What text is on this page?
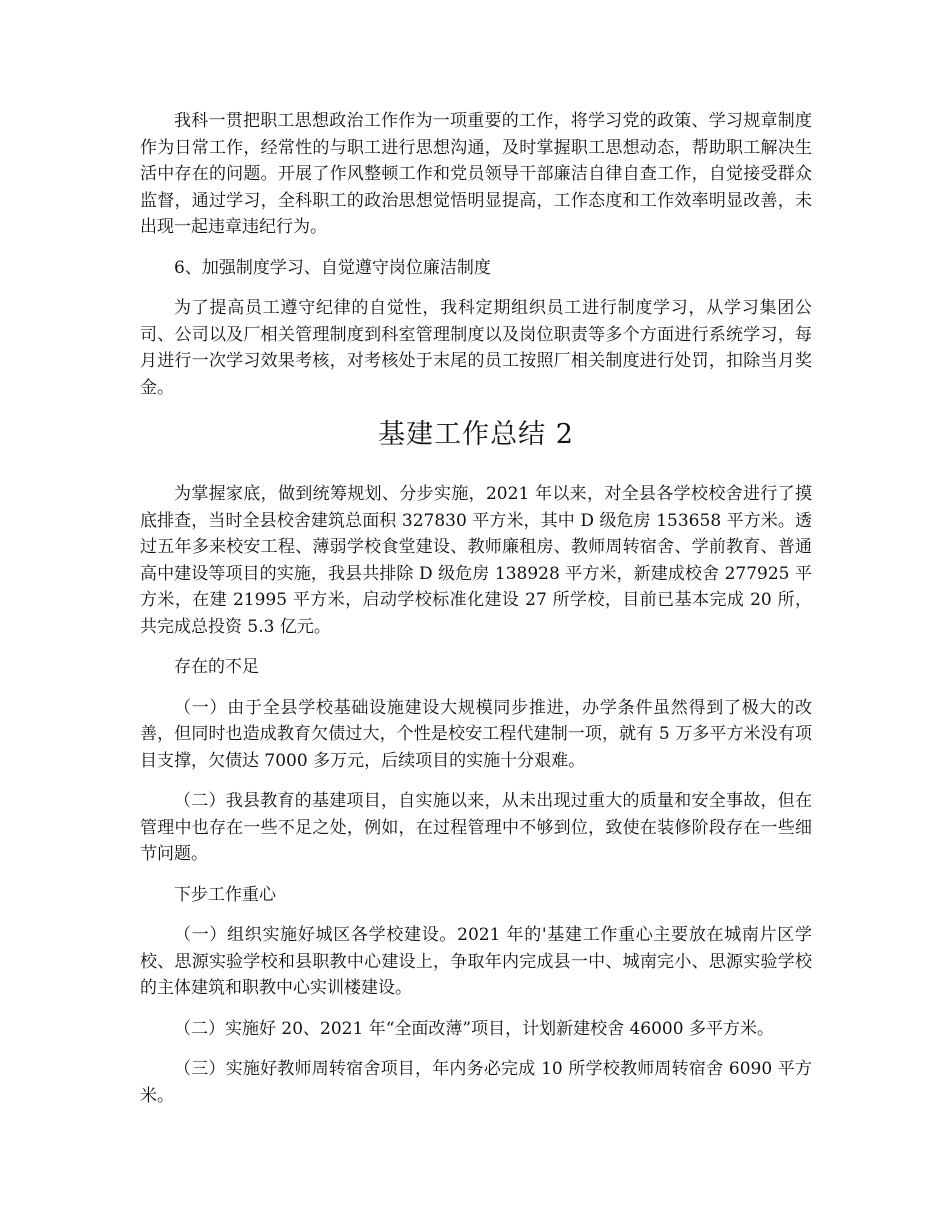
我科一贯把职工思想政治工作作为一项重要的工作，将学习党的政策、学习规章制度作为日常工作，经常性的与职工进行思想沟通，及时掌握职工思想动态，帮助职工解决生活中存在的问题。开展了作风整顿工作和党员领导干部廉洁自律自查工作，自觉接受群众监督，通过学习，全科职工的政治思想觉悟明显提高，工作态度和工作效率明显改善，未出现一起违章违纪行为。

6、加强制度学习、自觉遵守岗位廉洁制度

为了提高员工遵守纪律的自觉性，我科定期组织员工进行制度学习，从学习集团公司、公司以及厂相关管理制度到科室管理制度以及岗位职责等多个方面进行系统学习，每月进行一次学习效果考核，对考核处于末尾的员工按照厂相关制度进行处罚，扣除当月奖金。

基建工作总结 2

为掌握家底，做到统筹规划、分步实施，2021 年以来，对全县各学校校舍进行了摸底排查，当时全县校舍建筑总面积 327830 平方米，其中 D 级危房 153658 平方米。透过五年多来校安工程、薄弱学校食堂建设、教师廉租房、教师周转宿舍、学前教育、普通高中建设等项目的实施，我县共排除 D 级危房 138928 平方米，新建成校舍 277925 平方米，在建 21995 平方米，启动学校标准化建设 27 所学校，目前已基本完成 20 所，共完成总投资 5.3 亿元。

存在的不足

（一）由于全县学校基础设施建设大规模同步推进，办学条件虽然得到了极大的改善，但同时也造成教育欠债过大，个性是校安工程代建制一项，就有 5 万多平方米没有项目支撑，欠债达 7000 多万元，后续项目的实施十分艰难。

（二）我县教育的基建项目，自实施以来，从未出现过重大的质量和安全事故，但在管理中也存在一些不足之处，例如，在过程管理中不够到位，致使在装修阶段存在一些细节问题。

下步工作重心

（一）组织实施好城区各学校建设。2021 年的'基建工作重心主要放在城南片区学校、思源实验学校和县职教中心建设上，争取年内完成县一中、城南完小、思源实验学校的主体建筑和职教中心实训楼建设。

（二）实施好 20、2021 年“全面改薄”项目，计划新建校舍 46000 多平方米。

（三）实施好教师周转宿舍项目，年内务必完成 10 所学校教师周转宿舍 6090 平方米。
